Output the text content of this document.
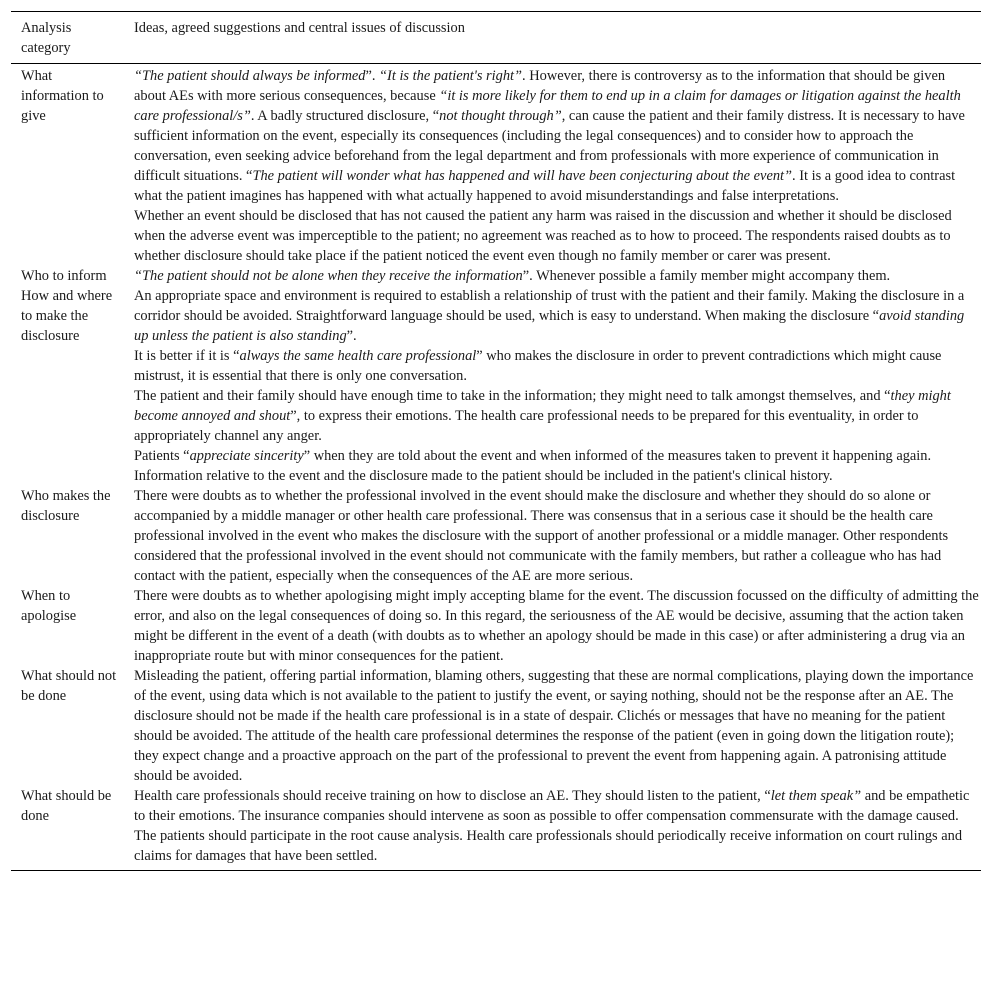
Analysis category	Ideas, agreed suggestions and central issues of discussion
What information to give	“The patient should always be informed”. “It is the patient's right”. However, there is controversy as to the information that should be given about AEs with more serious consequences, because “it is more likely for them to end up in a claim for damages or litigation against the health care professional/s”. A badly structured disclosure, “not thought through”, can cause the patient and their family distress. It is necessary to have sufficient information on the event, especially its consequences (including the legal consequences) and to consider how to approach the conversation, even seeking advice beforehand from the legal department and from professionals with more experience of communication in difficult situations. “The patient will wonder what has happened and will have been conjecturing about the event”. It is a good idea to contrast what the patient imagines has happened with what actually happened to avoid misunderstandings and false interpretations.
Whether an event should be disclosed that has not caused the patient any harm was raised in the discussion and whether it should be disclosed when the adverse event was imperceptible to the patient; no agreement was reached as to how to proceed. The respondents raised doubts as to whether disclosure should take place if the patient noticed the event even though no family member or carer was present.

Who to inform	“The patient should not be alone when they receive the information”. Whenever possible a family member might accompany them.

How and where to make the disclosure	An appropriate space and environment is required to establish a relationship of trust with the patient and their family. Making the disclosure in a corridor should be avoided. Straightforward language should be used, which is easy to understand. When making the disclosure “avoid standing up unless the patient is also standing”.
It is better if it is “always the same health care professional” who makes the disclosure in order to prevent contradictions which might cause mistrust, it is essential that there is only one conversation.
The patient and their family should have enough time to take in the information; they might need to talk amongst themselves, and “they might become annoyed and shout”, to express their emotions. The health care professional needs to be prepared for this eventuality, in order to appropriately channel any anger.
Patients “appreciate sincerity” when they are told about the event and when informed of the measures taken to prevent it happening again.
Information relative to the event and the disclosure made to the patient should be included in the patient's clinical history.

Who makes the disclosure	There were doubts as to whether the professional involved in the event should make the disclosure and whether they should do so alone or accompanied by a middle manager or other health care professional. There was consensus that in a serious case it should be the health care professional involved in the event who makes the disclosure with the support of another professional or a middle manager. Other respondents considered that the professional involved in the event should not communicate with the family members, but rather a colleague who has had contact with the patient, especially when the consequences of the AE are more serious.

When to apologise	There were doubts as to whether apologising might imply accepting blame for the event. The discussion focussed on the difficulty of admitting the error, and also on the legal consequences of doing so. In this regard, the seriousness of the AE would be decisive, assuming that the action taken might be different in the event of a death (with doubts as to whether an apology should be made in this case) or after administering a drug via an inappropriate route but with minor consequences for the patient.

What should not be done	Misleading the patient, offering partial information, blaming others, suggesting that these are normal complications, playing down the importance of the event, using data which is not available to the patient to justify the event, or saying nothing, should not be the response after an AE. The disclosure should not be made if the health care professional is in a state of despair. Clichés or messages that have no meaning for the patient should be avoided. The attitude of the health care professional determines the response of the patient (even in going down the litigation route); they expect change and a proactive approach on the part of the professional to prevent the event from happening again. A patronising attitude should be avoided.

What should be done	Health care professionals should receive training on how to disclose an AE. They should listen to the patient, “let them speak” and be empathetic to their emotions. The insurance companies should intervene as soon as possible to offer compensation commensurate with the damage caused. The patients should participate in the root cause analysis. Health care professionals should periodically receive information on court rulings and claims for damages that have been settled.
